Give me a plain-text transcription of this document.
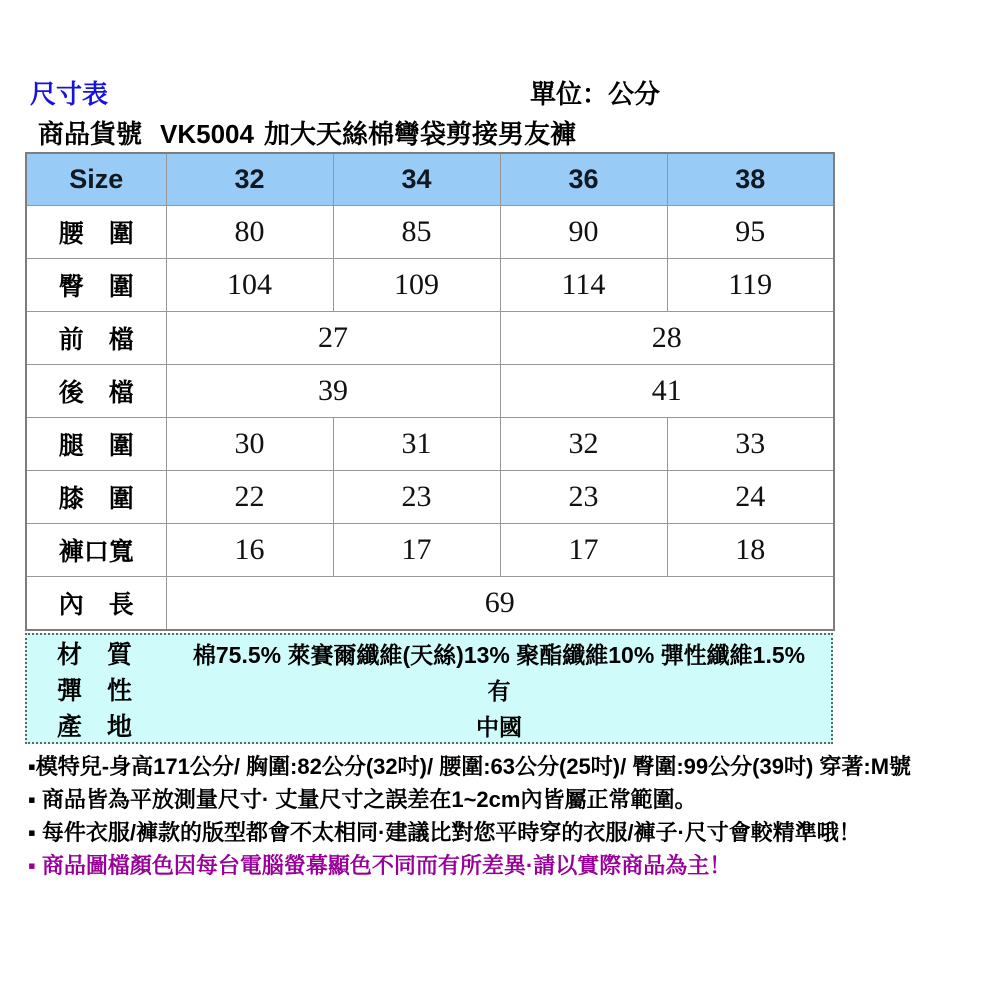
尺寸表	單位：公分
商品貨號 VK5004 加大天絲棉彎袋剪接男友褲
Size	32	34	36	38
腰　圍	80	85	90	95
臀　圍	104	109	114	119
前　檔	27		28	
後　檔	39		41	
腿　圍	30	31	32	33
膝　圍	22	23	23	24
褲口寬	16	17	17	18
內　長	69			
材　質	棉75.5% 萊賽爾纖維(天絲)13% 聚酯纖維10% 彈性纖維1.5%
彈　性	有
產　地	中國

▪模特兒-身高171公分/ 胸圍:82公分(32吋)/ 腰圍:63公分(25吋)/ 臀圍:99公分(39吋) 穿著:M號

▪ 商品皆為平放測量尺寸· 丈量尺寸之誤差在1~2cm內皆屬正常範圍。

▪ 每件衣服/褲款的版型都會不太相同·建議比對您平時穿的衣服/褲子·尺寸會較精準哦！

▪ 商品圖檔顏色因每台電腦螢幕顯色不同而有所差異·請以實際商品為主！
